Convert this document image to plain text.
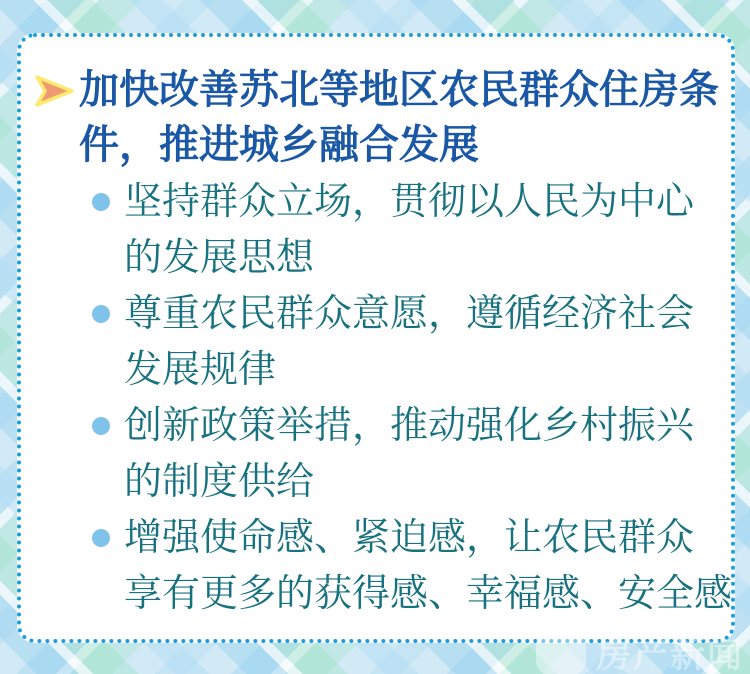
加快改善苏北等地区农民群众住房条
件，推进城乡融合发展
坚持群众立场，贯彻以人民为中心
的发展思想
尊重农民群众意愿，遵循经济社会
发展规律
创新政策举措，推动强化乡村振兴
的制度供给
增强使命感、紧迫感，让农民群众
享有更多的获得感、幸福感、安全感
房产新闻
